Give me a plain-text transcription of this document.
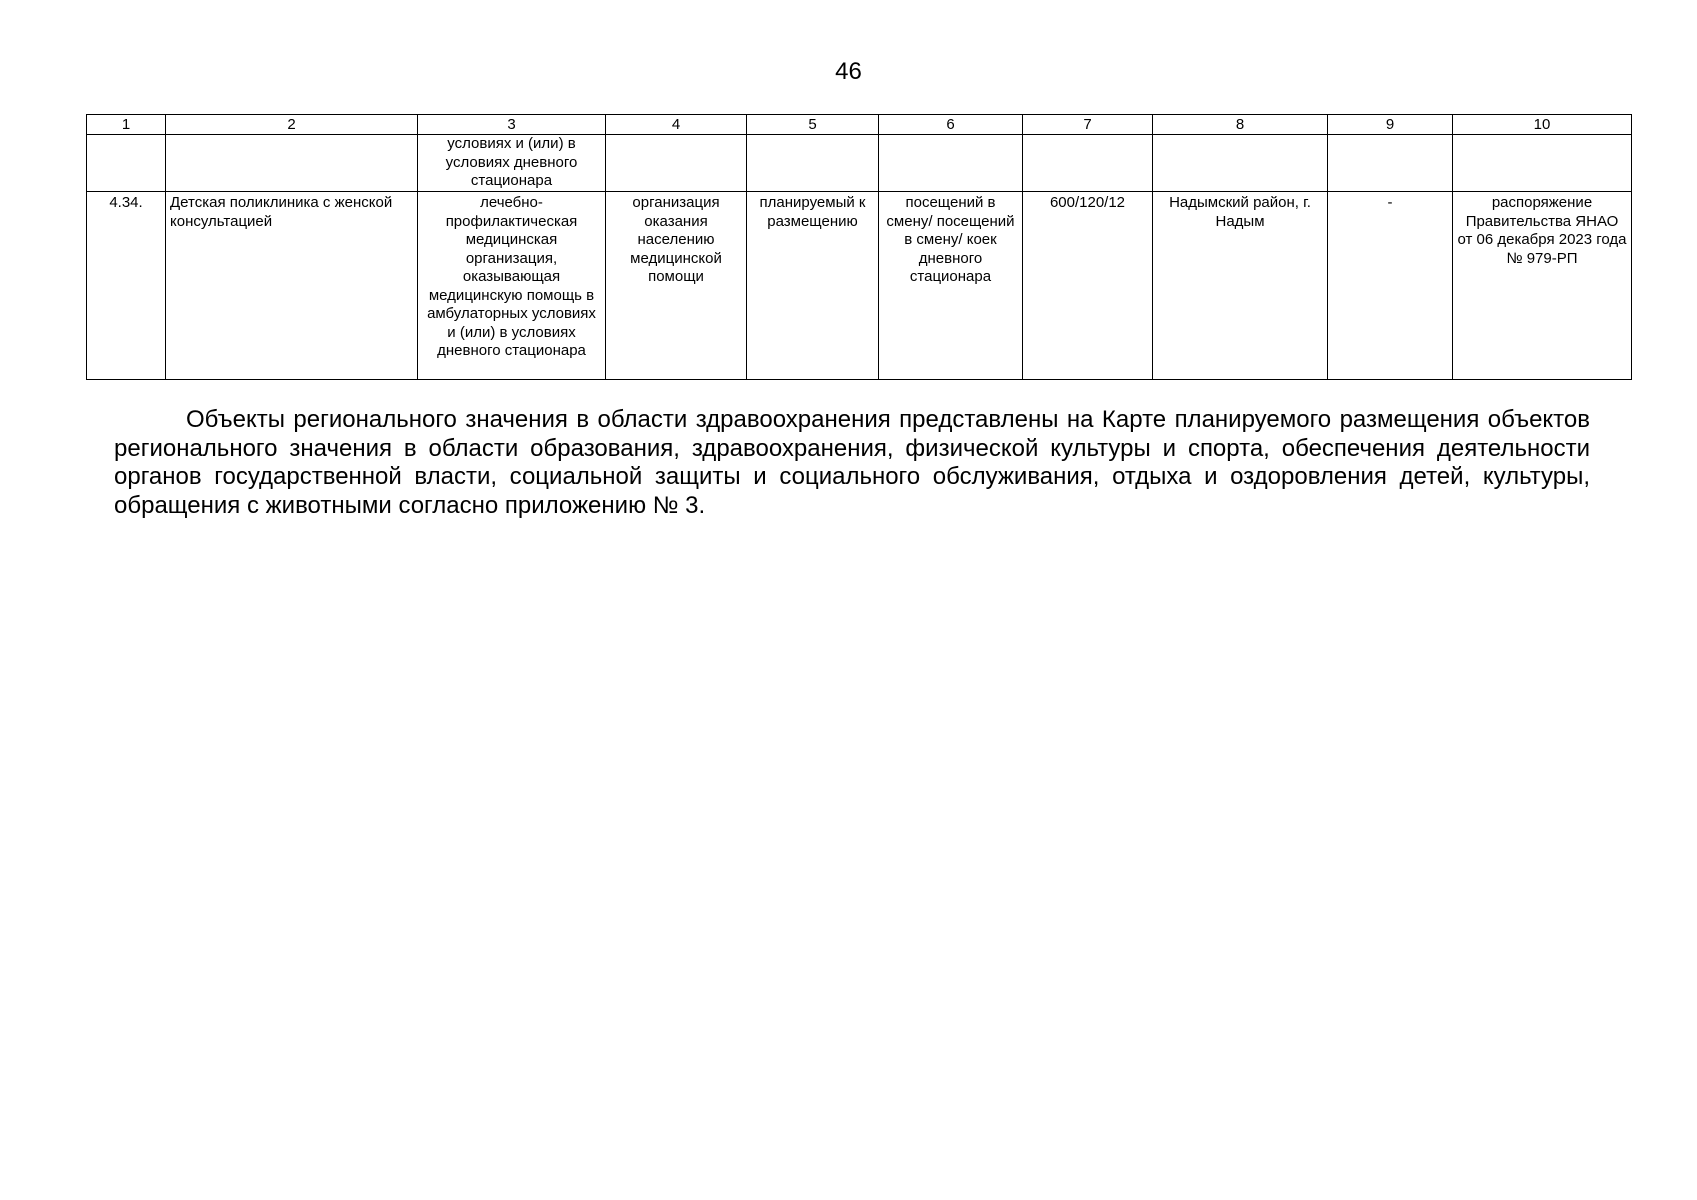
46
1	2	3	4	5	6	7	8	9	10
		условиях и (или) в условиях дневного стационара							
4.34.	Детская поликлиника с женской консультацией	лечебно-профилактическая медицинская организация, оказывающая медицинскую помощь в амбулаторных условиях и (или) в условиях дневного стационара	организация оказания населению медицинской помощи	планируемый к размещению	посещений в смену/ посещений в смену/ коек дневного стационара	600/120/12	Надымский район, г. Надым	-	распоряжение Правительства ЯНАО от 06 декабря 2023 года № 979-РП

Объекты регионального значения в области здравоохранения представлены на Карте планируемого размещения объектов регионального значения в области образования, здравоохранения, физической культуры и спорта, обеспечения деятельности органов государственной власти, социальной защиты и социального обслуживания, отдыха и оздоровления детей, культуры, обращения с животными согласно приложению № 3.
